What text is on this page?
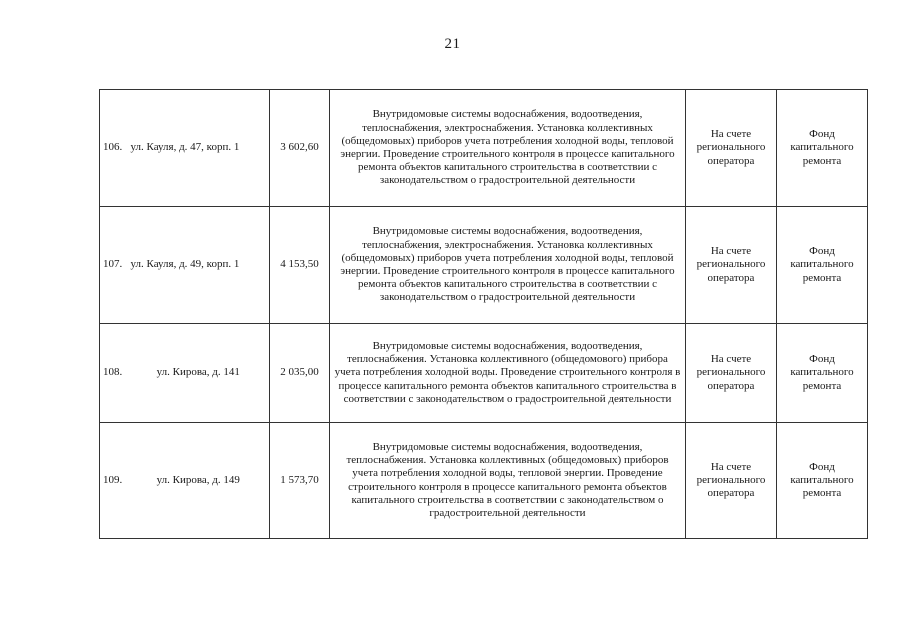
21
106.	ул. Кауля, д. 47, корп. 1	3 602,60	Внутридомовые системы водоснабжения, водоотведения, теплоснабжения, электроснабжения. Установка коллективных (общедомовых) приборов учета потребления холодной воды, тепловой энергии. Проведение строительного контроля в процессе капитального ремонта объектов капитального строительства в соответствии с законодательством о градостроительной деятельности	На счете регионального оператора	Фонд капитального ремонта
107.	ул. Кауля, д. 49, корп. 1	4 153,50	Внутридомовые системы водоснабжения, водоотведения, теплоснабжения, электроснабжения. Установка коллективных (общедомовых) приборов учета потребления холодной воды, тепловой энергии. Проведение строительного контроля в процессе капитального ремонта объектов капитального строительства в соответствии с законодательством о градостроительной деятельности	На счете регионального оператора	Фонд капитального ремонта
108.	ул. Кирова, д. 141	2 035,00	Внутридомовые системы водоснабжения, водоотведения, теплоснабжения. Установка коллективного (общедомового) прибора учета потребления холодной воды. Проведение строительного контроля в процессе капитального ремонта объектов капитального строительства в соответствии с законодательством о градостроительной деятельности	На счете регионального оператора	Фонд капитального ремонта
109.	ул. Кирова, д. 149	1 573,70	Внутридомовые системы водоснабжения, водоотведения, теплоснабжения. Установка коллективных (общедомовых) приборов учета потребления холодной воды, тепловой энергии. Проведение строительного контроля в процессе капитального ремонта объектов капитального строительства в соответствии с законодательством о градостроительной деятельности	На счете регионального оператора	Фонд капитального ремонта
